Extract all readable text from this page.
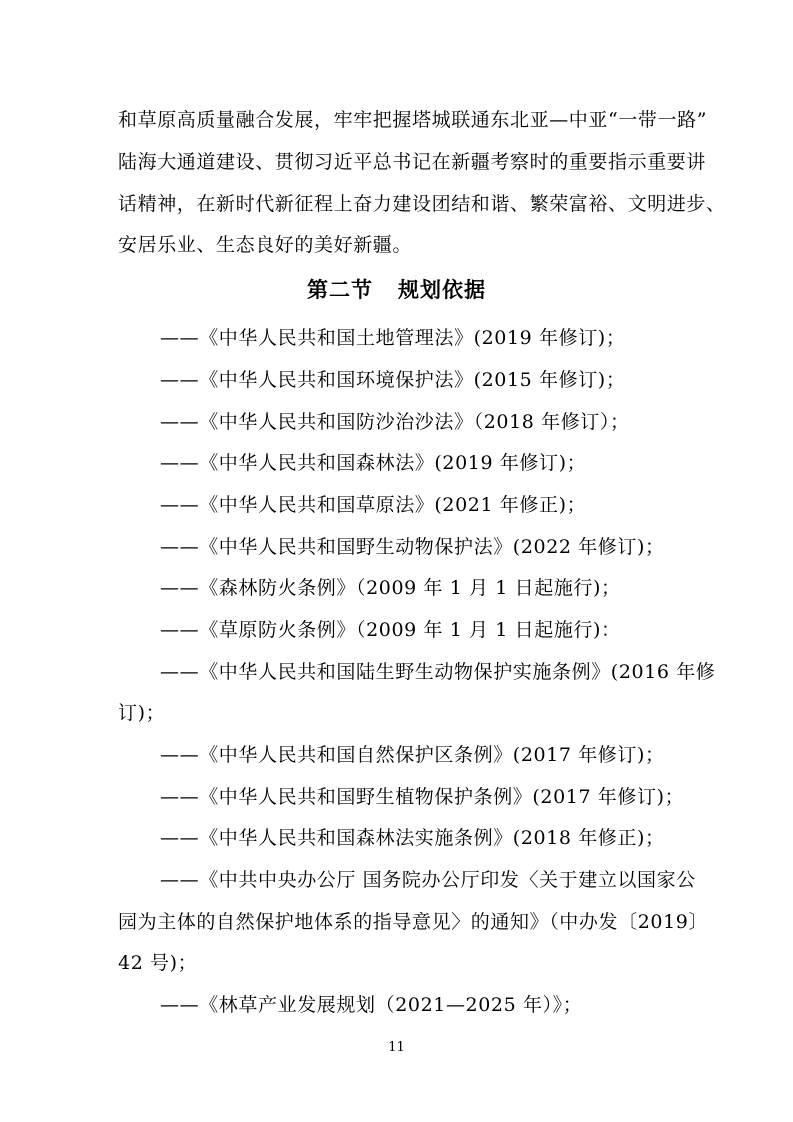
和草原高质量融合发展，牢牢把握塔城联通东北亚—中亚“一带一路”
陆海大通道建设、贯彻习近平总书记在新疆考察时的重要指示重要讲
话精神，在新时代新征程上奋力建设团结和谐、繁荣富裕、文明进步、
安居乐业、生态良好的美好新疆。
第二节   规划依据
——《中华人民共和国土地管理法》(2019 年修订)；
——《中华人民共和国环境保护法》(2015 年修订)；
——《中华人民共和国防沙治沙法》（2018 年修订）；
——《中华人民共和国森林法》(2019 年修订)；
——《中华人民共和国草原法》(2021 年修正)；
——《中华人民共和国野生动物保护法》(2022 年修订)；
——《森林防火条例》（2009 年 1 月 1 日起施行)；
——《草原防火条例》（2009 年 1 月 1 日起施行)：
——《中华人民共和国陆生野生动物保护实施条例》(2016 年修
订)；
——《中华人民共和国自然保护区条例》(2017 年修订)；
——《中华人民共和国野生植物保护条例》(2017 年修订)；
——《中华人民共和国森林法实施条例》(2018 年修正)；
——《中共中央办公厅 国务院办公厅印发〈关于建立以国家公
园为主体的自然保护地体系的指导意见〉的通知》（中办发〔2019〕
42 号)；
——《林草产业发展规划（2021—2025 年）》；
11
